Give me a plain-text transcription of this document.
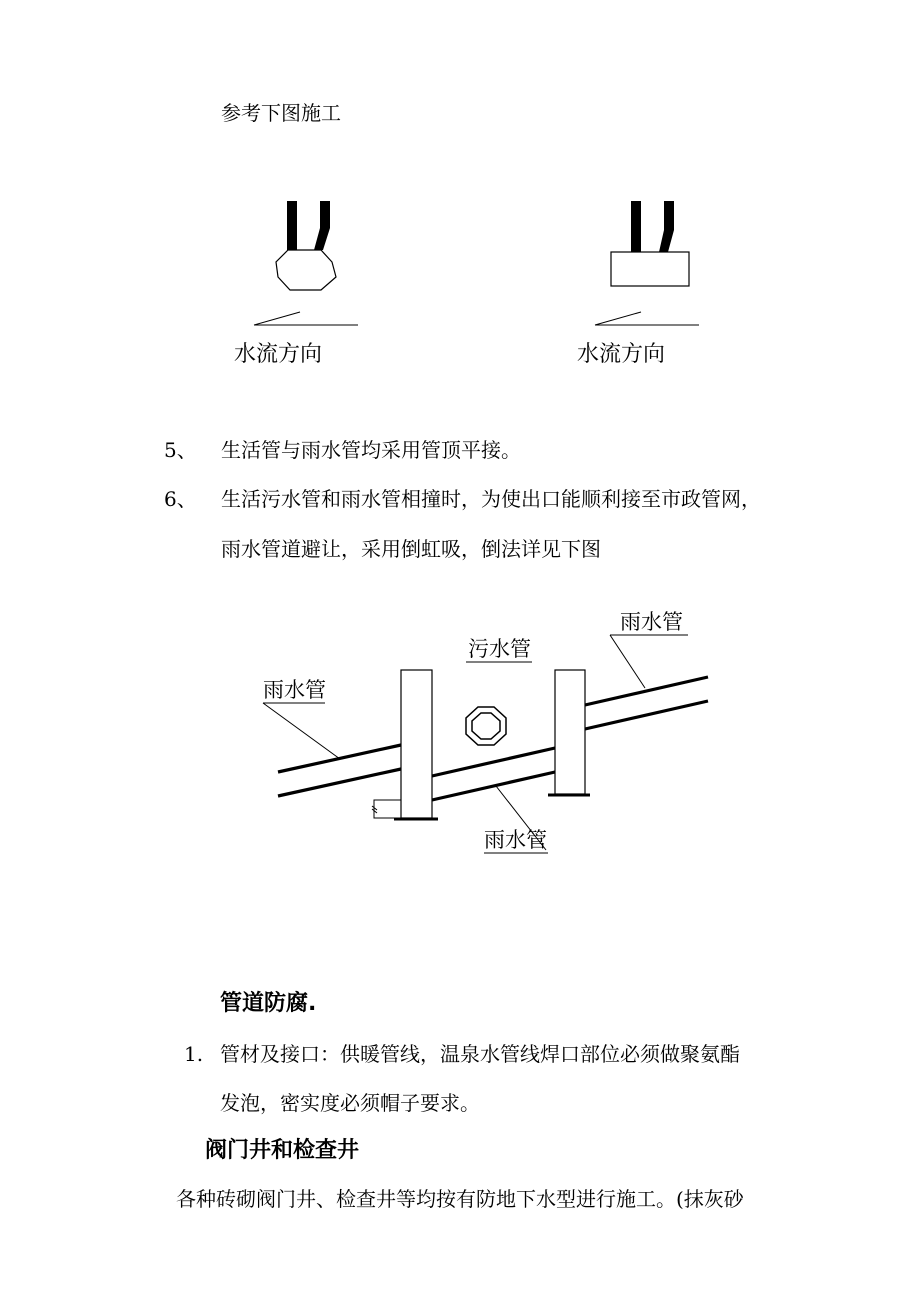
参考下图施工
雨水管
雨水管
雨水管
污水管
水流方向	水流方向
5、 生活管与雨水管均采用管顶平接。
6、 生活污水管和雨水管相撞时，为使出口能顺利接至市政管网，
雨水管道避让，采用倒虹吸，倒法详见下图
管道防腐.
1. 管材及接口：供暖管线，温泉水管线焊口部位必须做聚氨酯
发泡，密实度必须帽子要求。
阀门井和检查井
各种砖砌阀门井、检查井等均按有防地下水型进行施工。(抹灰砂
